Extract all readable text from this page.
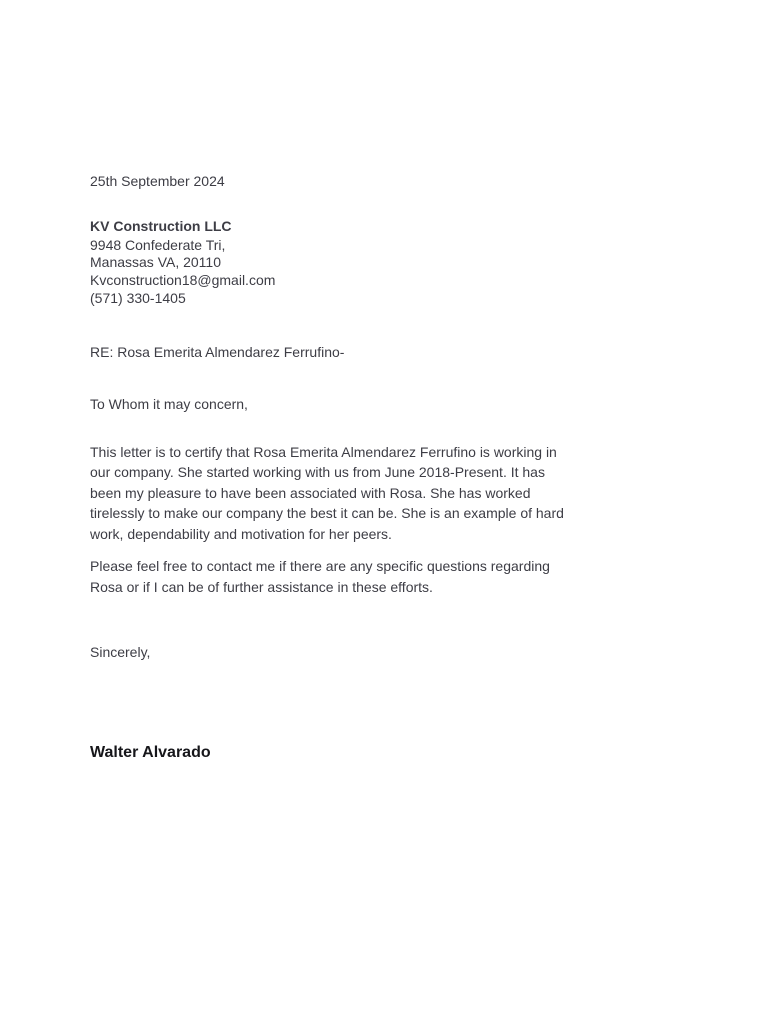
25th September 2024

KV Construction LLC
9948 Confederate Tri,
Manassas VA, 20110
Kvconstruction18@gmail.com
(571) 330-1405
RE: Rosa Emerita Almendarez Ferrufino-
To Whom it may concern,

This letter is to certify that Rosa Emerita Almendarez Ferrufino is working in our company. She started working with us from June 2018-Present. It has been my pleasure to have been associated with Rosa. She has worked tirelessly to make our company the best it can be. She is an example of hard work, dependability and motivation for her peers.

Please feel free to contact me if there are any specific questions regarding Rosa or if I can be of further assistance in these efforts.

Sincerely,
Walter Alvarado
